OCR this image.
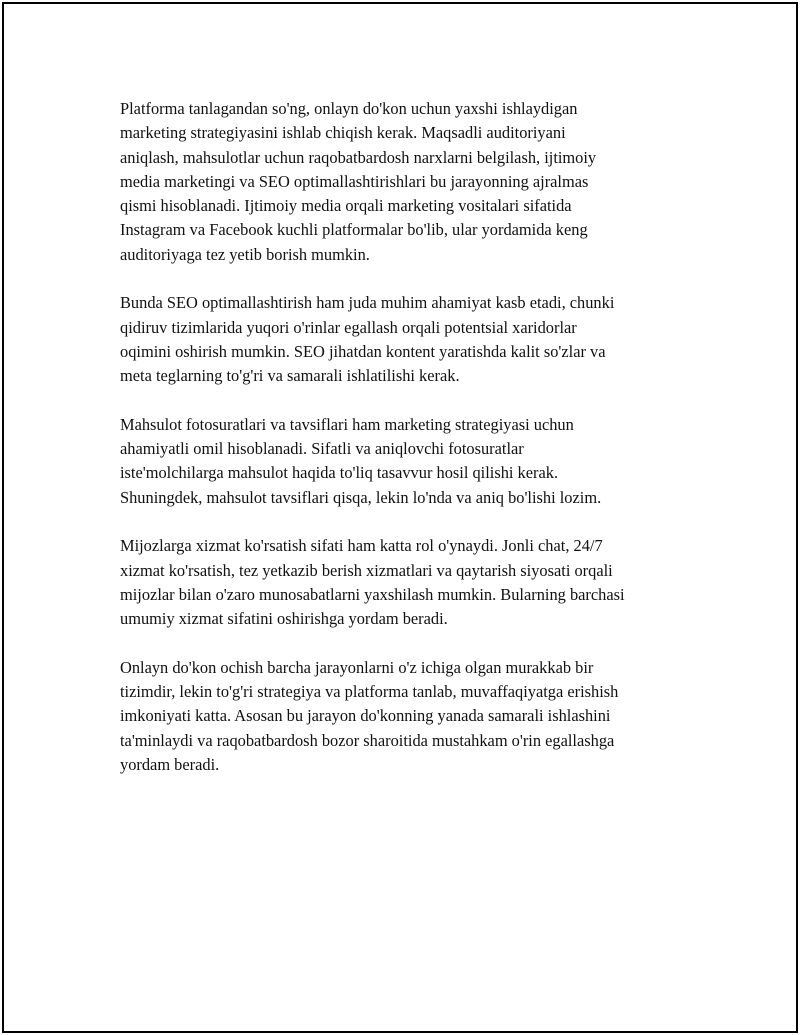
Platforma tanlagandan so'ng, onlayn do'kon uchun yaxshi ishlaydigan
marketing strategiyasini ishlab chiqish kerak. Maqsadli auditoriyani
aniqlash, mahsulotlar uchun raqobatbardosh narxlarni belgilash, ijtimoiy
media marketingi va SEO optimallashtirishlari bu jarayonning ajralmas
qismi hisoblanadi. Ijtimoiy media orqali marketing vositalari sifatida
Instagram va Facebook kuchli platformalar bo'lib, ular yordamida keng
auditoriyaga tez yetib borish mumkin.

Bunda SEO optimallashtirish ham juda muhim ahamiyat kasb etadi, chunki
qidiruv tizimlarida yuqori o'rinlar egallash orqali potentsial xaridorlar
oqimini oshirish mumkin. SEO jihatdan kontent yaratishda kalit so'zlar va
meta teglarning to'g'ri va samarali ishlatilishi kerak.

Mahsulot fotosuratlari va tavsiflari ham marketing strategiyasi uchun
ahamiyatli omil hisoblanadi. Sifatli va aniqlovchi fotosuratlar
iste'molchilarga mahsulot haqida to'liq tasavvur hosil qilishi kerak.
Shuningdek, mahsulot tavsiflari qisqa, lekin lo'nda va aniq bo'lishi lozim.

Mijozlarga xizmat ko'rsatish sifati ham katta rol o'ynaydi. Jonli chat, 24/7
xizmat ko'rsatish, tez yetkazib berish xizmatlari va qaytarish siyosati orqali
mijozlar bilan o'zaro munosabatlarni yaxshilash mumkin. Bularning barchasi
umumiy xizmat sifatini oshirishga yordam beradi.

Onlayn do'kon ochish barcha jarayonlarni o'z ichiga olgan murakkab bir
tizimdir, lekin to'g'ri strategiya va platforma tanlab, muvaffaqiyatga erishish
imkoniyati katta. Asosan bu jarayon do'konning yanada samarali ishlashini
ta'minlaydi va raqobatbardosh bozor sharoitida mustahkam o'rin egallashga
yordam beradi.
